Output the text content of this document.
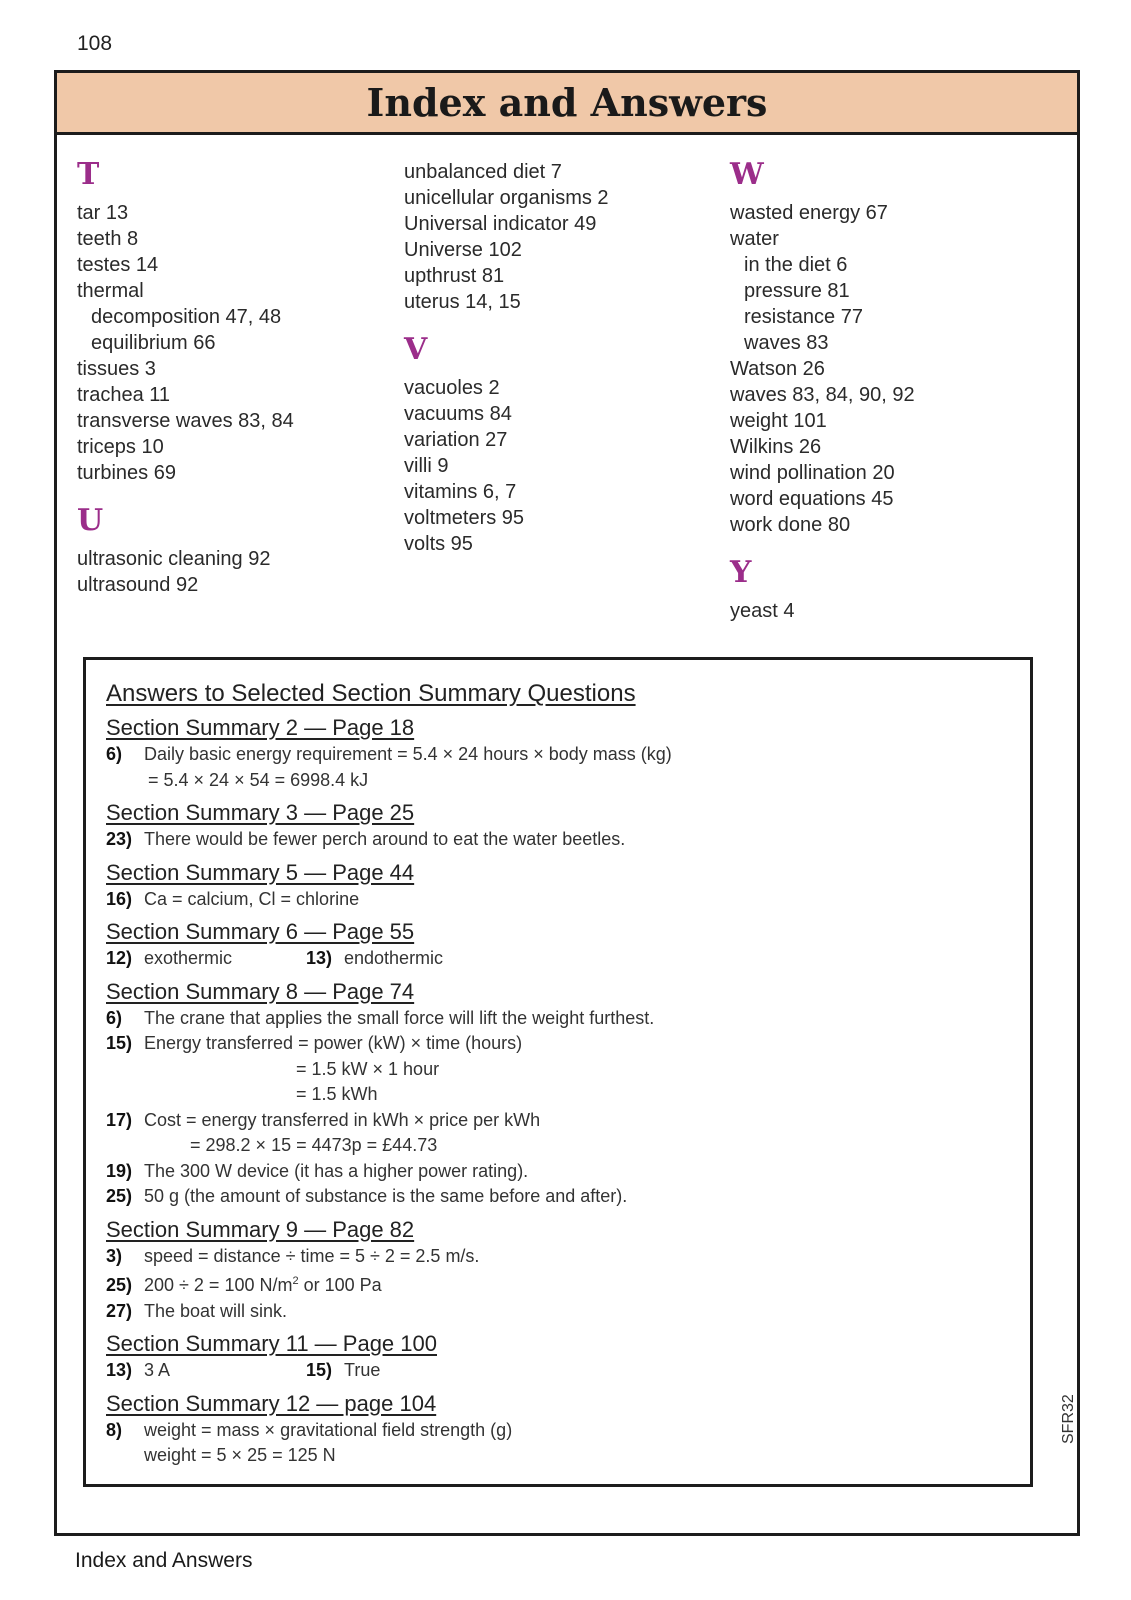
108
Index and Answers
T
tar 13
teeth 8
testes 14
thermal
decomposition 47, 48
equilibrium 66
tissues 3
trachea 11
transverse waves 83, 84
triceps 10
turbines 69
U
ultrasonic cleaning 92
ultrasound 92
unbalanced diet 7
unicellular organisms 2
Universal indicator 49
Universe 102
upthrust 81
uterus 14, 15
V
vacuoles 2
vacuums 84
variation 27
villi 9
vitamins 6, 7
voltmeters 95
volts 95
W
wasted energy 67
water
in the diet 6
pressure 81
resistance 77
waves 83
Watson 26
waves 83, 84, 90, 92
weight 101
Wilkins 26
wind pollination 20
word equations 45
work done 80
Y
yeast 4
Answers to Selected Section Summary Questions
Section Summary 2 — Page 18
6) Daily basic energy requirement = 5.4 × 24 hours × body mass (kg)
= 5.4 × 24 × 54 = 6998.4 kJ
Section Summary 3 — Page 25
23) There would be fewer perch around to eat the water beetles.
Section Summary 5 — Page 44
16) Ca = calcium, Cl = chlorine
Section Summary 6 — Page 55
12) exothermic	13) endothermic
Section Summary 8 — Page 74
6) The crane that applies the small force will lift the weight furthest.
15) Energy transferred = power (kW) × time (hours)
= 1.5 kW × 1 hour
= 1.5 kWh
17) Cost = energy transferred in kWh × price per kWh
= 298.2 × 15 = 4473p = £44.73
19) The 300 W device (it has a higher power rating).
25) 50 g (the amount of substance is the same before and after).
Section Summary 9 — Page 82
3) speed = distance ÷ time = 5 ÷ 2 = 2.5 m/s.
25) 200 ÷ 2 = 100 $N/m^2$ or 100 Pa
27) The boat will sink.
Section Summary 11 — Page 100
13) 3 A	15) True
Section Summary 12 — page 104
8) weight = mass × gravitational field strength (g)
weight = 5 × 25 = 125 N
SFR32
Index and Answers
